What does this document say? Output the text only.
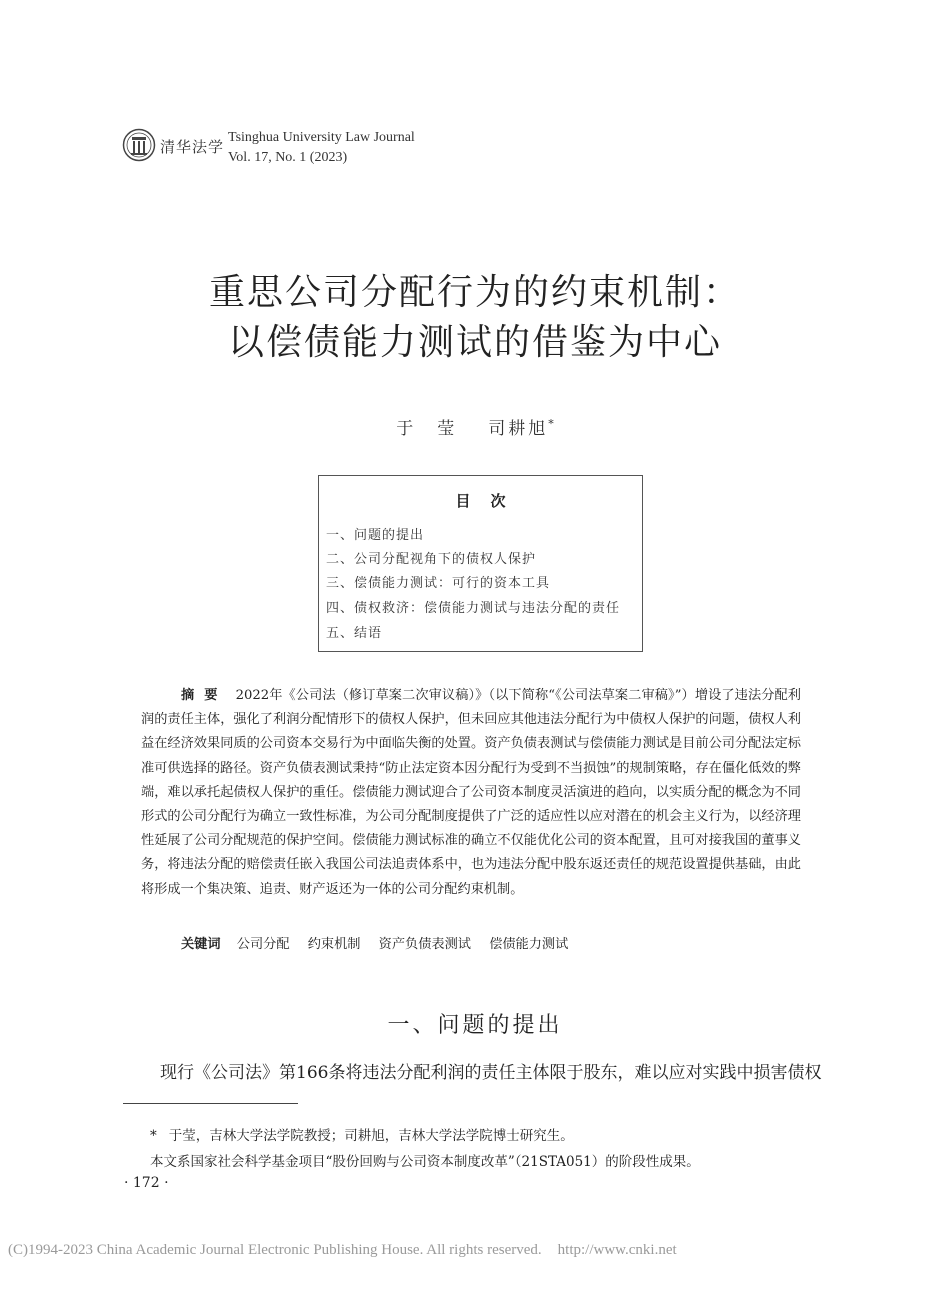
清华法学
Tsinghua University Law Journal
Vol. 17, No. 1 (2023)
重思公司分配行为的约束机制：
以偿债能力测试的借鉴为中心
于莹 司耕旭*
目次
一、问题的提出
二、公司分配视角下的债权人保护
三、偿债能力测试：可行的资本工具
四、债权救济：偿债能力测试与违法分配的责任
五、结语
摘要 2022年《公司法（修订草案二次审议稿）》（以下简称“《公司法草案二审稿》”）增设了违法分配利润的责任主体，强化了利润分配情形下的债权人保护，但未回应其他违法分配行为中债权人保护的问题，债权人利益在经济效果同质的公司资本交易行为中面临失衡的处置。资产负债表测试与偿债能力测试是目前公司分配法定标准可供选择的路径。资产负债表测试秉持“防止法定资本因分配行为受到不当损蚀”的规制策略，存在僵化低效的弊端，难以承托起债权人保护的重任。偿债能力测试迎合了公司资本制度灵活演进的趋向，以实质分配的概念为不同形式的公司分配行为确立一致性标准，为公司分配制度提供了广泛的适应性以应对潜在的机会主义行为，以经济理性延展了公司分配规范的保护空间。偿债能力测试标准的确立不仅能优化公司的资本配置，且可对接我国的董事义务，将违法分配的赔偿责任嵌入我国公司法追责体系中，也为违法分配中股东返还责任的规范设置提供基础，由此将形成一个集决策、追责、财产返还为一体的公司分配约束机制。
关键词 公司分配 约束机制 资产负债表测试 偿债能力测试
一、问题的提出
现行《公司法》第166条将违法分配利润的责任主体限于股东，难以应对实践中损害债权
* 于莹，吉林大学法学院教授；司耕旭，吉林大学法学院博士研究生。
本文系国家社会科学基金项目“股份回购与公司资本制度改革”（21STA051）的阶段性成果。
· 172 ·
(C)1994-2023 China Academic Journal Electronic Publishing House. All rights reserved. http://www.cnki.net
